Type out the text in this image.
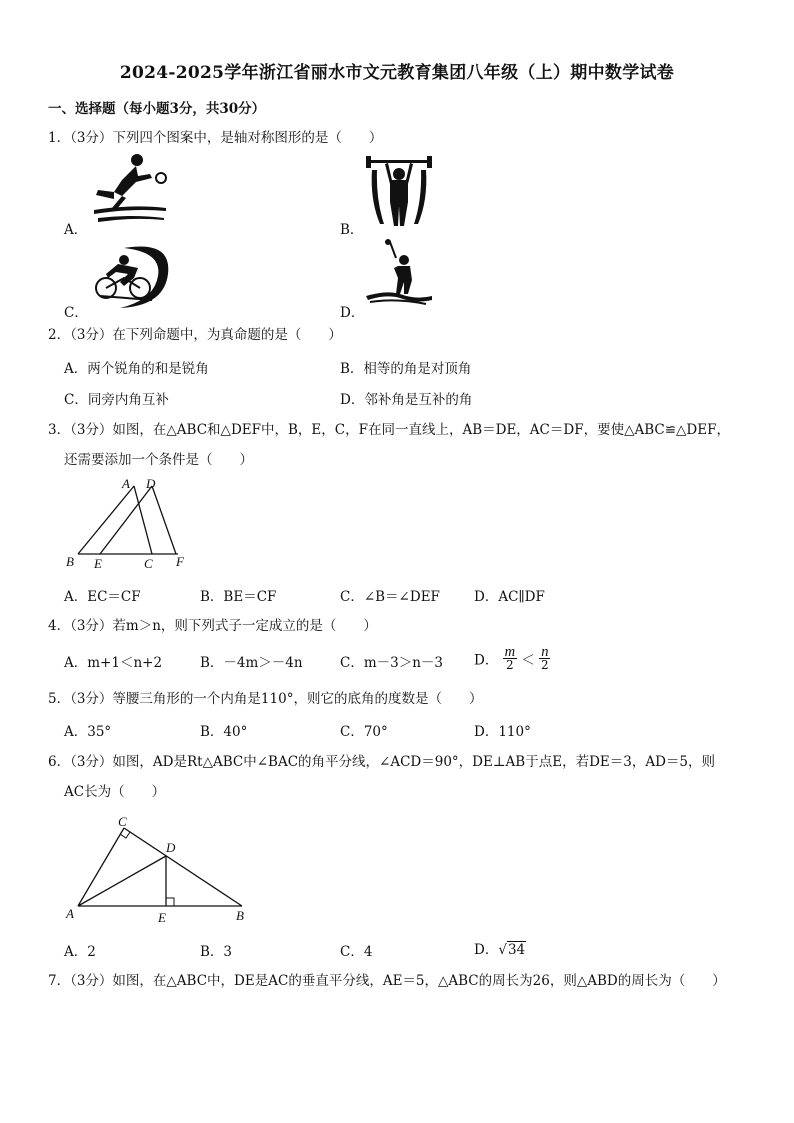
2024-2025学年浙江省丽水市文元教育集团八年级（上）期中数学试卷
一、选择题（每小题3分，共30分）
1．（3分）下列四个图案中，是轴对称图形的是（　　）
A．	B．
C．	D．
2．（3分）在下列命题中，为真命题的是（　　）
A．两个锐角的和是锐角	B．相等的角是对顶角
C．同旁内角互补	D．邻补角是互补的角
3．（3分）如图，在△ABC和△DEF中，B，E，C，F在同一直线上，AB＝DE，AC＝DF，要使△ABC≌△DEF，
还需要添加一个条件是（　　）
A D
B E	C F
A．EC＝CF	B．BE＝CF	C．∠B＝∠DEF	D．AC∥DF
4．（3分）若m＞n，则下列式子一定成立的是（　　）
A．m+1＜n+2	B．－4m＞－4n	C．m－3＞n－3 D． $\frac{m}{2} < \frac{n}{2}$
5．（3分）等腰三角形的一个内角是110°，则它的底角的度数是（　　）
A．35°	B．40°	C．70°	D．110°
6．（3分）如图，AD是Rt△ABC中∠BAC的角平分线，∠ACD＝90°，DE⊥AB于点E，若DE＝3，AD＝5，则
AC长为（　　）
C
D
A	E	B
A．2	B．3	C．4	D．√34
7．（3分）如图，在△ABC中，DE是AC的垂直平分线，AE＝5，△ABC的周长为26，则△ABD的周长为（　　）
